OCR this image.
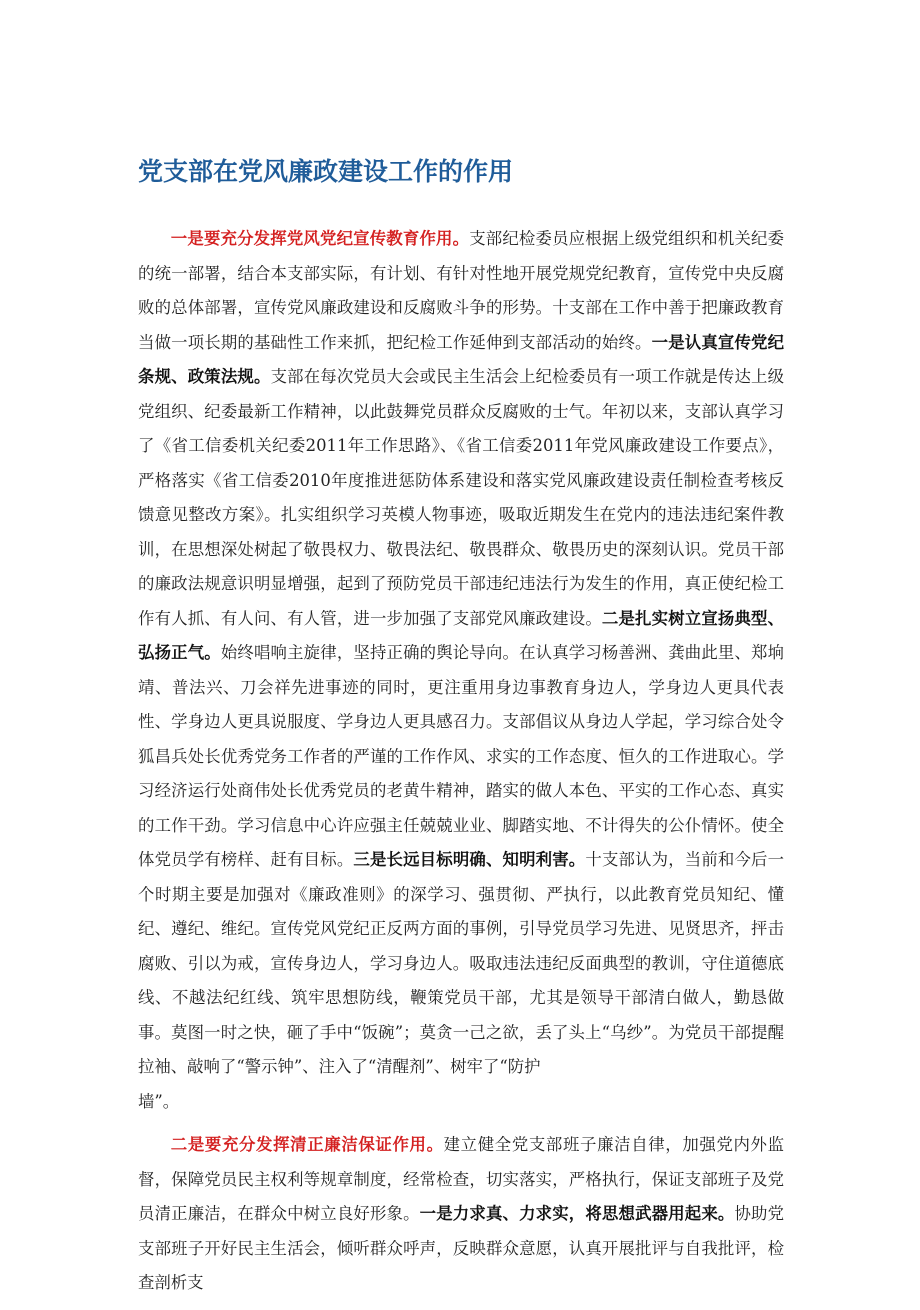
党支部在党风廉政建设工作的作用

一是要充分发挥党风党纪宣传教育作用。支部纪检委员应根据上级党组织和机关纪委的统一部署，结合本支部实际，有计划、有针对性地开展党规党纪教育，宣传党中央反腐败的总体部署，宣传党风廉政建设和反腐败斗争的形势。十支部在工作中善于把廉政教育当做一项长期的基础性工作来抓，把纪检工作延伸到支部活动的始终。一是认真宣传党纪条规、政策法规。支部在每次党员大会或民主生活会上纪检委员有一项工作就是传达上级党组织、纪委最新工作精神，以此鼓舞党员群众反腐败的士气。年初以来，支部认真学习了《省工信委机关纪委2011年工作思路》、《省工信委2011年党风廉政建设工作要点》，严格落实《省工信委2010年度推进惩防体系建设和落实党风廉政建设责任制检查考核反馈意见整改方案》。扎实组织学习英模人物事迹，吸取近期发生在党内的违法违纪案件教训，在思想深处树起了敬畏权力、敬畏法纪、敬畏群众、敬畏历史的深刻认识。党员干部的廉政法规意识明显增强，起到了预防党员干部违纪违法行为发生的作用，真正使纪检工作有人抓、有人问、有人管，进一步加强了支部党风廉政建设。二是扎实树立宣扬典型、弘扬正气。始终唱响主旋律，坚持正确的舆论导向。在认真学习杨善洲、龚曲此里、郑垧靖、普法兴、刀会祥先进事迹的同时，更注重用身边事教育身边人，学身边人更具代表性、学身边人更具说服度、学身边人更具感召力。支部倡议从身边人学起，学习综合处令狐昌兵处长优秀党务工作者的严谨的工作作风、求实的工作态度、恒久的工作进取心。学习经济运行处商伟处长优秀党员的老黄牛精神，踏实的做人本色、平实的工作心态、真实的工作干劲。学习信息中心许应强主任兢兢业业、脚踏实地、不计得失的公仆情怀。使全体党员学有榜样、赶有目标。三是长远目标明确、知明利害。十支部认为，当前和今后一个时期主要是加强对《廉政准则》的深学习、强贯彻、严执行，以此教育党员知纪、懂纪、遵纪、维纪。宣传党风党纪正反两方面的事例，引导党员学习先进、见贤思齐，抨击腐败、引以为戒，宣传身边人，学习身边人。吸取违法违纪反面典型的教训，守住道德底线、不越法纪红线、筑牢思想防线，鞭策党员干部，尤其是领导干部清白做人，勤恳做事。莫图一时之快，砸了手中“饭碗”；莫贪一己之欲，丢了头上“乌纱”。为党员干部提醒拉袖、敲响了“警示钟”、注入了“清醒剂”、树牢了“防护
墙”。

二是要充分发挥清正廉洁保证作用。建立健全党支部班子廉洁自律，加强党内外监督，保障党员民主权利等规章制度，经常检查，切实落实，严格执行，保证支部班子及党员清正廉洁，在群众中树立良好形象。一是力求真、力求实，将思想武器用起来。协助党支部班子开好民主生活会，倾听群众呼声，反映群众意愿，认真开展批评与自我批评，检查剖析支
